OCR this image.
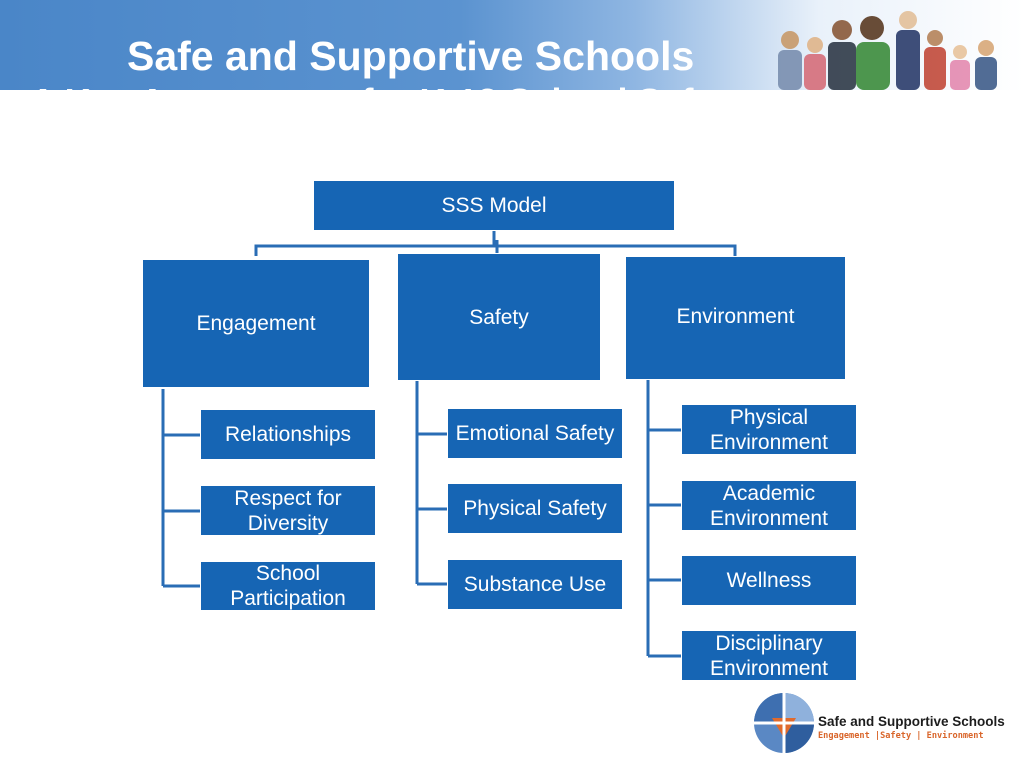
Safe and Supportive Schools
A Key Assessment for K-12 School Safety
SSS Model
Engagement	Safety	Environment
Relationships
Respect for Diversity
School Participation
Emotional Safety
Physical Safety
Substance Use
Physical Environment
Academic Environment
Wellness
Disciplinary Environment
Safe and Supportive Schools
Engagement |Safety | Environment
